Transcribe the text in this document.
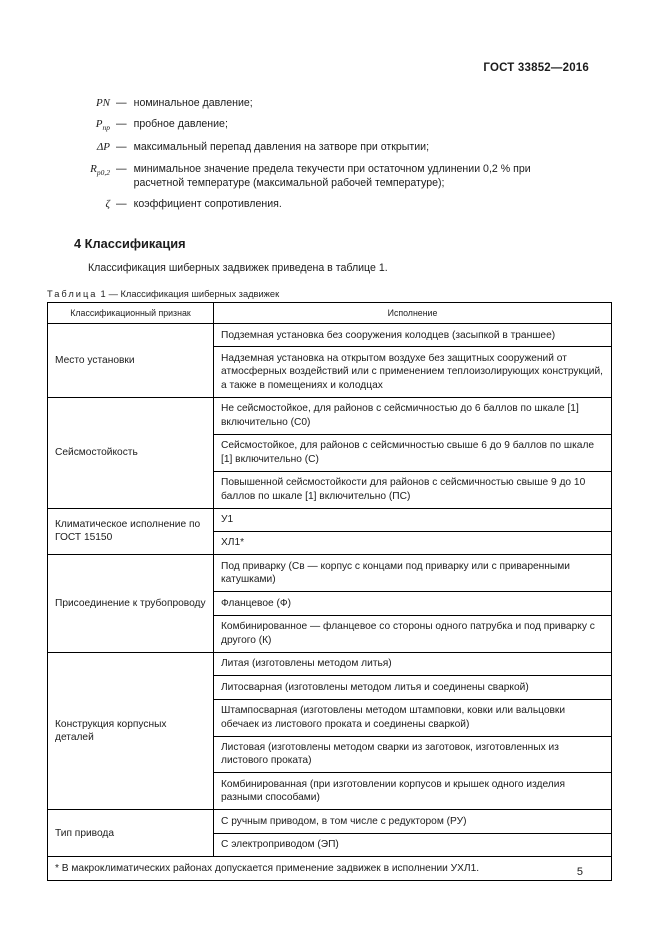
ГОСТ 33852—2016
PN — номинальное давление;
$P_{пр}$ — пробное давление;
ΔP — максимальный перепад давления на затворе при открытии;
$R_{р0,2}$ — минимальное значение предела текучести при остаточном удлинении 0,2 % при расчетной температуре (максимальной рабочей температуре);
ζ — коэффициент сопротивления.
4 Классификация
Классификация шиберных задвижек приведена в таблице 1.
Таблица 1 — Классификация шиберных задвижек
Классификационный признак	Исполнение
Место установки	Подземная установка без сооружения колодцев (засыпкой в траншее)
	Надземная установка на открытом воздухе без защитных сооружений от атмосферных воздействий или с применением теплоизолирующих конструкций, а также в помещениях и колодцах
Сейсмостойкость	Не сейсмостойкое, для районов с сейсмичностью до 6 баллов по шкале [1] включительно (С0)
	Сейсмостойкое, для районов с сейсмичностью свыше 6 до 9 баллов по шкале [1] включительно (С)
	Повышенной сейсмостойкости для районов с сейсмичностью свыше 9 до 10 баллов по шкале [1] включительно (ПС)
Климатическое исполнение по ГОСТ 15150	У1
	ХЛ1*
Присоединение к трубопроводу	Под приварку (Св — корпус с концами под приварку или с приваренными катушками)
	Фланцевое (Ф)
	Комбинированное — фланцевое со стороны одного патрубка и под приварку с другого (К)
Конструкция корпусных деталей	Литая (изготовлены методом литья)
	Литосварная (изготовлены методом литья и соединены сваркой)
	Штампосварная (изготовлены методом штамповки, ковки или вальцовки обечаек из листового проката и соединены сваркой)
	Листовая (изготовлены методом сварки из заготовок, изготовленных из листового проката)
	Комбинированная (при изготовлении корпусов и крышек одного изделия разными способами)
Тип привода	С ручным приводом, в том числе с редуктором (РУ)
	С электроприводом (ЭП)
* В макроклиматических районах допускается применение задвижек в исполнении УХЛ1.		5
